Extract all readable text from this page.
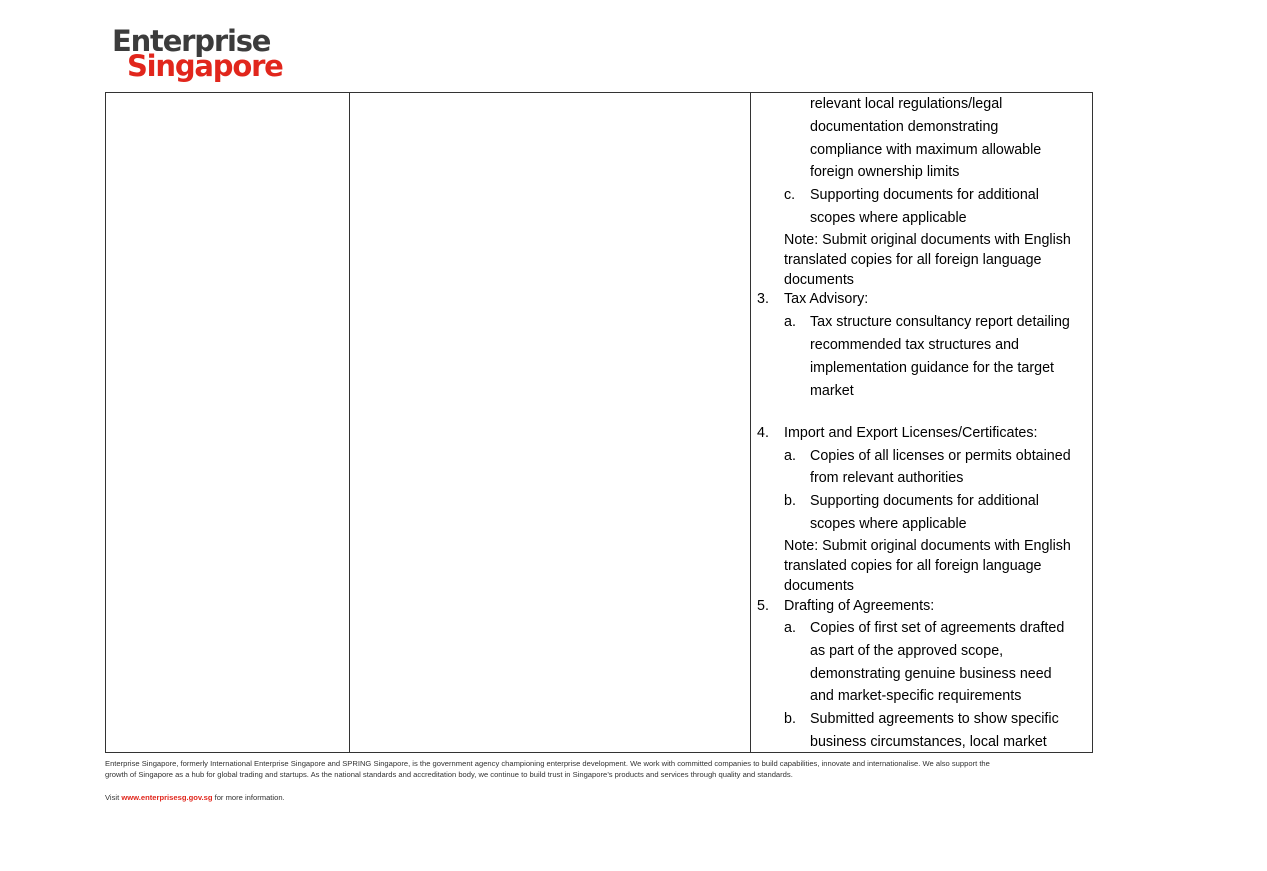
Enterprise
Singapore
relevant local regulations/legal
documentation demonstrating
compliance with maximum allowable
foreign ownership limits
c. Supporting documents for additional
scopes where applicable
Note: Submit original documents with English
translated copies for all foreign language
documents
3. Tax Advisory:
a. Tax structure consultancy report detailing
recommended tax structures and
implementation guidance for the target
market
4. Import and Export Licenses/Certificates:
a. Copies of all licenses or permits obtained
from relevant authorities
b. Supporting documents for additional
scopes where applicable
Note: Submit original documents with English
translated copies for all foreign language
documents
5. Drafting of Agreements:
a. Copies of first set of agreements drafted
as part of the approved scope,
demonstrating genuine business need
and market-specific requirements
b. Submitted agreements to show specific
business circumstances, local market

Enterprise Singapore, formerly International Enterprise Singapore and SPRING Singapore, is the government agency championing enterprise development. We work with committed companies to build capabilities, innovate and internationalise. We also support the

growth of Singapore as a hub for global trading and startups. As the national standards and accreditation body, we continue to build trust in Singapore’s products and services through quality and standards.

Visit www.enterprisesg.gov.sg for more information.
